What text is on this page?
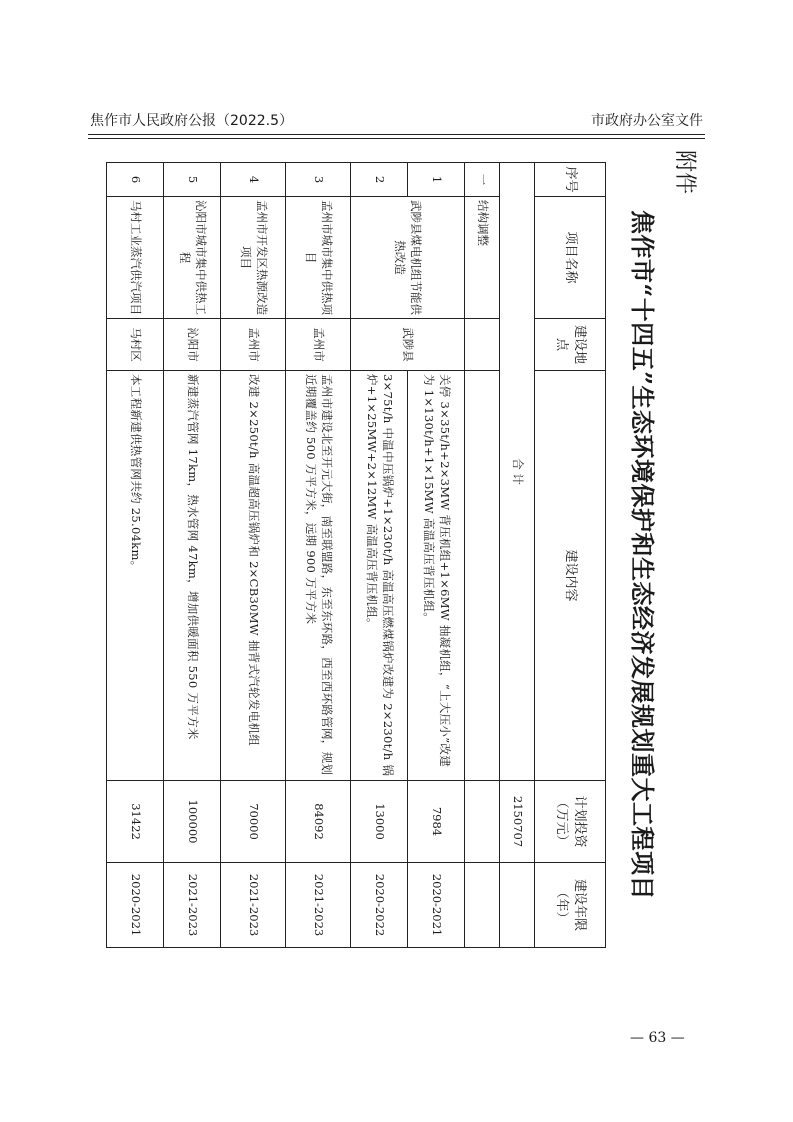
焦作市人民政府公报（2022.5）	市政府办公室文件
附件
焦作市“十四五”生态环境保护和生态经济发展规划重大工程项目
序号	项目名称	建设地点	建设内容	计划投资（万元）	建设年限（年）
合 计				2150707	
一	结构调整				
1	武陟县煤电机组节能供热改造	武陟县	关停 3×35t/h+2×3MW 背压机组+1×6MW 抽凝机组，“上大压小”改建为 1×130t/h+1×15MW 高温高压背压机组。	7984	2020-2021
2			3×75t/h 中温中压锅炉+1×230t/h 高温高压燃煤锅炉改建为 2×230t/h 锅炉+1×25MW+2×12MW 高温高压背压机组。	13000	2020-2022
3	孟州市城市集中供热项目	孟州市	孟州市建设北至开元大街，南至联盟路，东至东环路，西至西环路管网，规划近期覆盖约 500 万平方米，远期 900 万平方米	84092	2021-2023
4	孟州市开发区热源改造项目	孟州市	改建 2×250t/h 高温超高压锅炉和 2×CB30MW 抽背式汽轮发电机组	70000	2021-2023
5	沁阳市城市集中供热工程	沁阳市	新建蒸汽管网 17km，热水管网 47km，增加供暖面积 550 万平方米	100000	2021-2023
6	马村工业蒸汽供汽项目	马村区	本工程新建供热管网共约 25.04km。	31422	2020-2021
— 63 —
